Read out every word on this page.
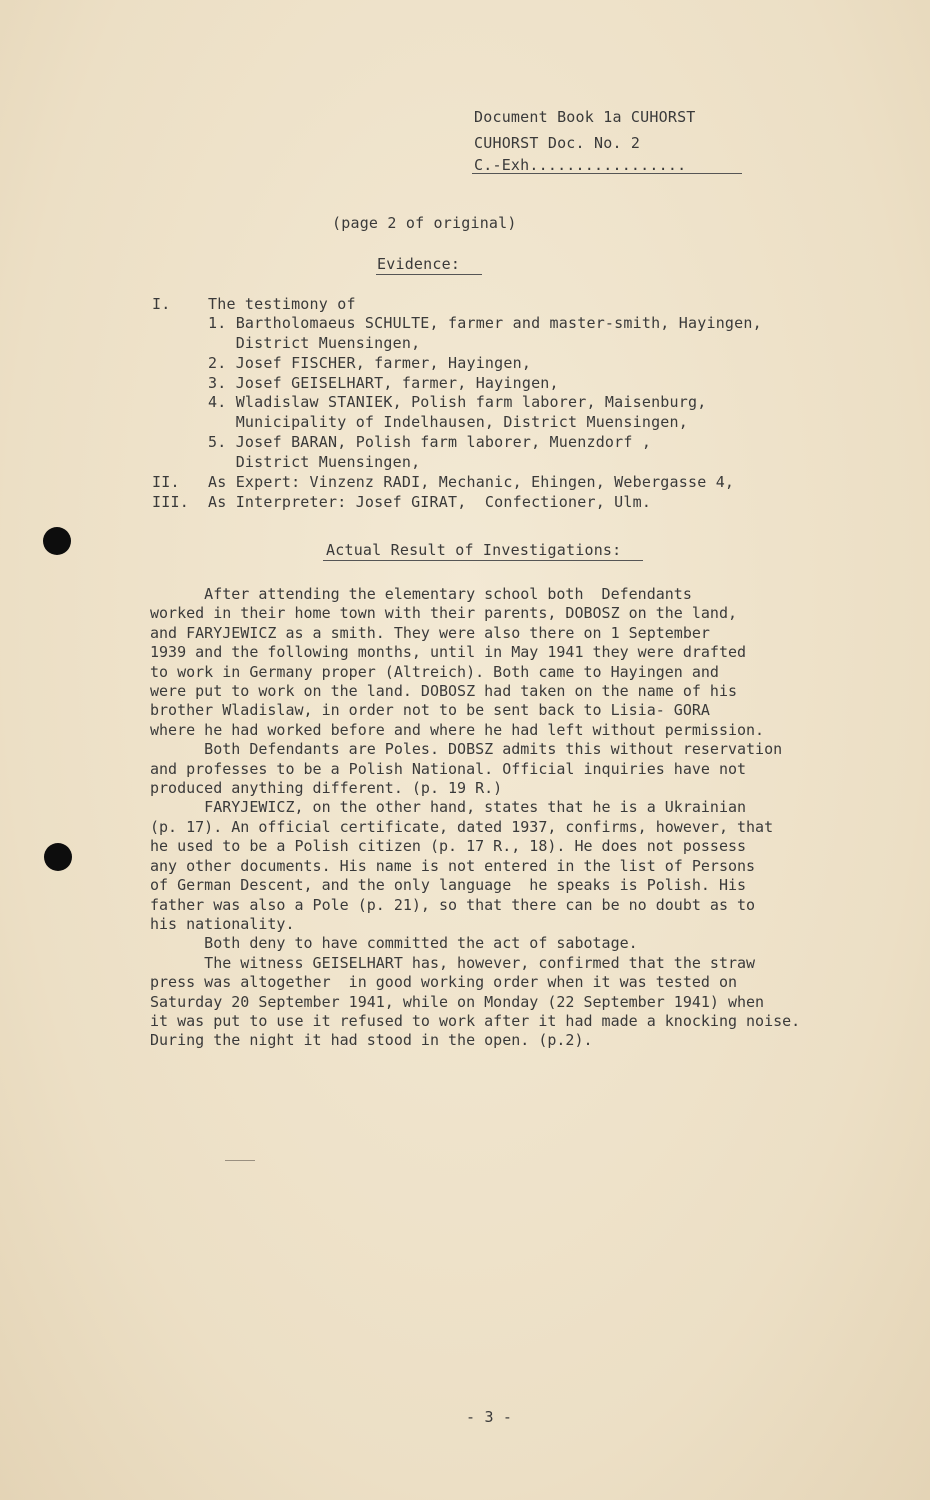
Document Book 1a CUHORST
CUHORST Doc. No. 2
C.-Exh.................
(page 2 of original)
Evidence:
I.	The testimony of
1. Bartholomaeus SCHULTE, farmer and master-smith, Hayingen,
District Muensingen,
2. Josef FISCHER, farmer, Hayingen,
3. Josef GEISELHART, farmer, Hayingen,
4. Wladislaw STANIEK, Polish farm laborer, Maisenburg,
Municipality of Indelhausen, District Muensingen,
5. Josef BARAN, Polish farm laborer, Muenzdorf ,
District Muensingen,
II. As Expert: Vinzenz RADI, Mechanic, Ehingen, Webergasse 4,
III. As Interpreter: Josef GIRAT,  Confectioner, Ulm.
Actual Result of Investigations:
After attending the elementary school both  Defendants
worked in their home town with their parents, DOBOSZ on the land,
and FARYJEWICZ as a smith. They were also there on 1 September
1939 and the following months, until in May 1941 they were drafted
to work in Germany proper (Altreich). Both came to Hayingen and
were put to work on the land. DOBOSZ had taken on the name of his
brother Wladislaw, in order not to be sent back to Lisia- GORA
where he had worked before and where he had left without permission.
Both Defendants are Poles. DOBSZ admits this without reservation
and professes to be a Polish National. Official inquiries have not
produced anything different. (p. 19 R.)
FARYJEWICZ, on the other hand, states that he is a Ukrainian
(p. 17). An official certificate, dated 1937, confirms, however, that
he used to be a Polish citizen (p. 17 R., 18). He does not possess
any other documents. His name is not entered in the list of Persons
of German Descent, and the only language  he speaks is Polish. His
father was also a Pole (p. 21), so that there can be no doubt as to
his nationality.
Both deny to have committed the act of sabotage.
The witness GEISELHART has, however, confirmed that the straw
press was altogether  in good working order when it was tested on
Saturday 20 September 1941, while on Monday (22 September 1941) when
it was put to use it refused to work after it had made a knocking noise.
During the night it had stood in the open. (p.2).
- 3 -
